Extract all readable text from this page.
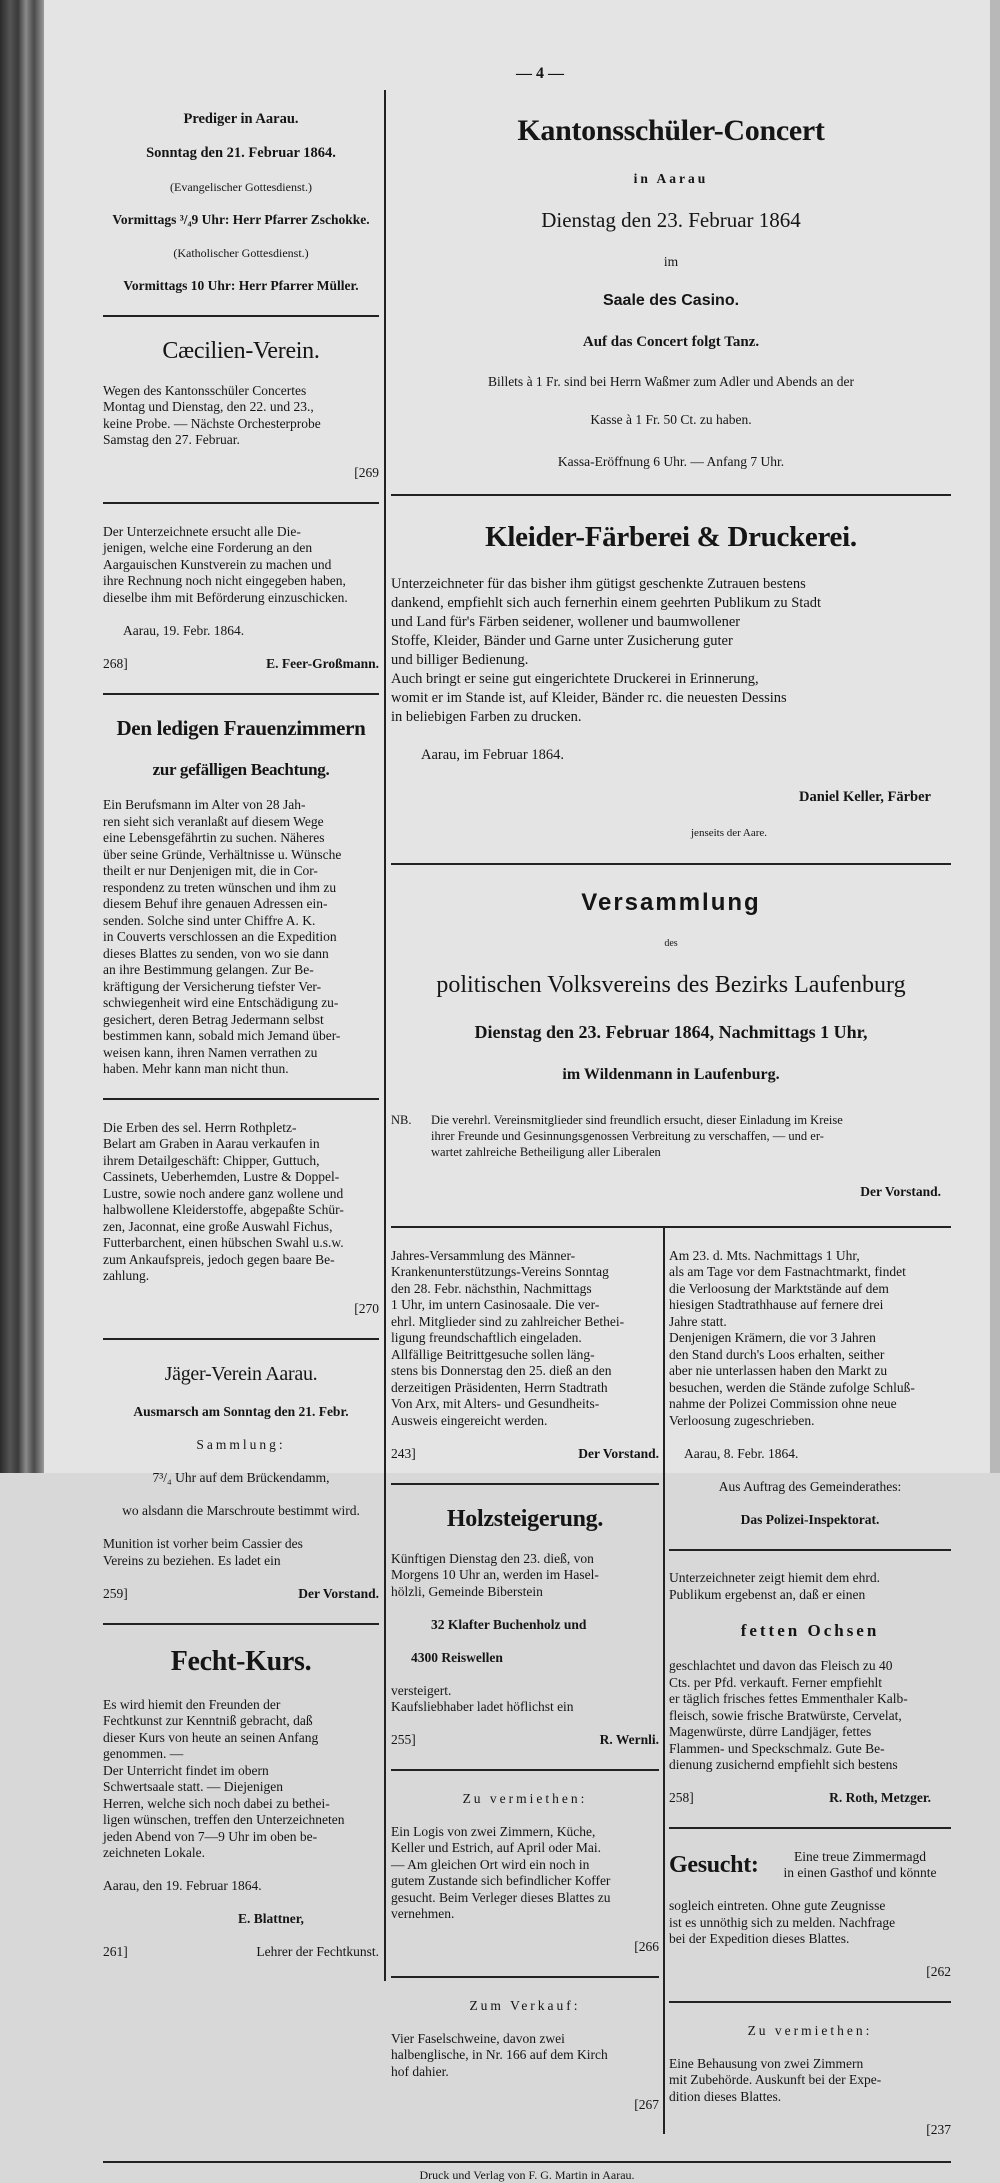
— 4 —

Prediger in Aarau.

Sonntag den 21. Februar 1864.

(Evangelischer Gottesdienst.)

Vormittags ³/₄9 Uhr: Herr Pfarrer Zschokke.

(Katholischer Gottesdienst.)

Vormittags 10 Uhr: Herr Pfarrer Müller.

Cæcilien-Verein.

Wegen des Kantonsschüler Concertes
Montag und Dienstag, den 22. und 23.,
keine Probe. — Nächste Orchesterprobe
Samstag den 27. Februar.

[269

Der Unterzeichnete ersucht alle Die-
jenigen, welche eine Forderung an den
Aargauischen Kunstverein zu machen und
ihre Rechnung noch nicht eingegeben haben,
dieselbe ihm mit Beförderung einzuschicken.

Aarau, 19. Febr. 1864.

268]	E. Feer-Großmann.

Den ledigen Frauenzimmern

zur gefälligen Beachtung.

Ein Berufsmann im Alter von 28 Jah-
ren sieht sich veranlaßt auf diesem Wege
eine Lebensgefährtin zu suchen. Näheres
über seine Gründe, Verhältnisse u. Wünsche
theilt er nur Denjenigen mit, die in Cor-
respondenz zu treten wünschen und ihm zu
diesem Behuf ihre genauen Adressen ein-
senden. Solche sind unter Chiffre A. K.
in Couverts verschlossen an die Expedition
dieses Blattes zu senden, von wo sie dann
an ihre Bestimmung gelangen. Zur Be-
kräftigung der Versicherung tiefster Ver-
schwiegenheit wird eine Entschädigung zu-
gesichert, deren Betrag Jedermann selbst
bestimmen kann, sobald mich Jemand über-
weisen kann, ihren Namen verrathen zu
haben. Mehr kann man nicht thun.

Die Erben des sel. Herrn Rothpletz-
Belart am Graben in Aarau verkaufen in
ihrem Detailgeschäft: Chipper, Guttuch,
Cassinets, Ueberhemden, Lustre & Doppel-
Lustre, sowie noch andere ganz wollene und
halbwollene Kleiderstoffe, abgepaßte Schür-
zen, Jaconnat, eine große Auswahl Fichus,
Futterbarchent, einen hübschen Swahl u.s.w.
zum Ankaufspreis, jedoch gegen baare Be-
zahlung.

[270

Jäger-Verein Aarau.

Ausmarsch am Sonntag den 21. Febr.

Sammlung:

7³/₄ Uhr auf dem Brückendamm,

wo alsdann die Marschroute bestimmt wird.

Munition ist vorher beim Cassier des
Vereins zu beziehen. Es ladet ein

259]	Der Vorstand.

Fecht-Kurs.

Es wird hiemit den Freunden der
Fechtkunst zur Kenntniß gebracht, daß
dieser Kurs von heute an seinen Anfang
genommen. —
Der Unterricht findet im obern
Schwertsaale statt. — Diejenigen
Herren, welche sich noch dabei zu bethei-
ligen wünschen, treffen den Unterzeichneten
jeden Abend von 7—9 Uhr im oben be-
zeichneten Lokale.

Aarau, den 19. Februar 1864.

E. Blattner,

261]	Lehrer der Fechtkunst.

Kantonsschüler-Concert

in Aarau

Dienstag den 23. Februar 1864

im

Saale des Casino.

Auf das Concert folgt Tanz.

Billets à 1 Fr. sind bei Herrn Waßmer zum Adler und Abends an der

Kasse à 1 Fr. 50 Ct. zu haben.

Kassa-Eröffnung 6 Uhr. — Anfang 7 Uhr.

Kleider-Färberei & Druckerei.

Unterzeichneter für das bisher ihm gütigst geschenkte Zutrauen bestens
dankend, empfiehlt sich auch fernerhin einem geehrten Publikum zu Stadt
und Land für's Färben seidener, wollener und baumwollener
Stoffe, Kleider, Bänder und Garne unter Zusicherung guter
und billiger Bedienung.
Auch bringt er seine gut eingerichtete Druckerei in Erinnerung,
womit er im Stande ist, auf Kleider, Bänder rc. die neuesten Dessins
in beliebigen Farben zu drucken.

Aarau, im Februar 1864.

Daniel Keller, Färber

jenseits der Aare.

Versammlung

des

politischen Volksvereins des Bezirks Laufenburg

Dienstag den 23. Februar 1864, Nachmittags 1 Uhr,

im Wildenmann in Laufenburg.

NB.	Die verehrl. Vereinsmitglieder sind freundlich ersucht, dieser Einladung im Kreise
ihrer Freunde und Gesinnungsgenossen Verbreitung zu verschaffen, — und er-
wartet zahlreiche Betheiligung aller Liberalen

Der Vorstand.

Jahres-Versammlung des Männer-
Krankenunterstützungs-Vereins Sonntag
den 28. Febr. nächsthin, Nachmittags
1 Uhr, im untern Casinosaale. Die ver-
ehrl. Mitglieder sind zu zahlreicher Bethei-
ligung freundschaftlich eingeladen.
Allfällige Beitrittgesuche sollen läng-
stens bis Donnerstag den 25. dieß an den
derzeitigen Präsidenten, Herrn Stadtrath
Von Arx, mit Alters- und Gesundheits-
Ausweis eingereicht werden.

243]	Der Vorstand.

Holzsteigerung.

Künftigen Dienstag den 23. dieß, von
Morgens 10 Uhr an, werden im Hasel-
hölzli, Gemeinde Biberstein

32 Klafter Buchenholz und

4300 Reiswellen

versteigert.
Kaufsliebhaber ladet höflichst ein

255]	R. Wernli.

Zu vermiethen:

Ein Logis von zwei Zimmern, Küche,
Keller und Estrich, auf April oder Mai.
— Am gleichen Ort wird ein noch in
gutem Zustande sich befindlicher Koffer
gesucht. Beim Verleger dieses Blattes zu
vernehmen.

[266

Zum Verkauf:

Vier Faselschweine, davon zwei
halbenglische, in Nr. 166 auf dem Kirch
hof dahier.

[267

Am 23. d. Mts. Nachmittags 1 Uhr,
als am Tage vor dem Fastnachtmarkt, findet
die Verloosung der Marktstände auf dem
hiesigen Stadtrathhause auf fernere drei
Jahre statt.
Denjenigen Krämern, die vor 3 Jahren
den Stand durch's Loos erhalten, seither
aber nie unterlassen haben den Markt zu
besuchen, werden die Stände zufolge Schluß-
nahme der Polizei Commission ohne neue
Verloosung zugeschrieben.

Aarau, 8. Febr. 1864.

Aus Auftrag des Gemeinderathes:

Das Polizei-Inspektorat.

Unterzeichneter zeigt hiemit dem ehrd.
Publikum ergebenst an, daß er einen

fetten Ochsen

geschlachtet und davon das Fleisch zu 40
Cts. per Pfd. verkauft. Ferner empfiehlt
er täglich frisches fettes Emmenthaler Kalb-
fleisch, sowie frische Bratwürste, Cervelat,
Magenwürste, dürre Landjäger, fettes
Flammen- und Speckschmalz. Gute Be-
dienung zusichernd empfiehlt sich bestens

258]	R. Roth, Metzger.

Gesucht:	Eine treue Zimmermagd
in einen Gasthof und könnte

sogleich eintreten. Ohne gute Zeugnisse
ist es unnöthig sich zu melden. Nachfrage
bei der Expedition dieses Blattes.

[262

Zu vermiethen:

Eine Behausung von zwei Zimmern
mit Zubehörde. Auskunft bei der Expe-
dition dieses Blattes.

[237

Druck und Verlag von F. G. Martin in Aarau.
